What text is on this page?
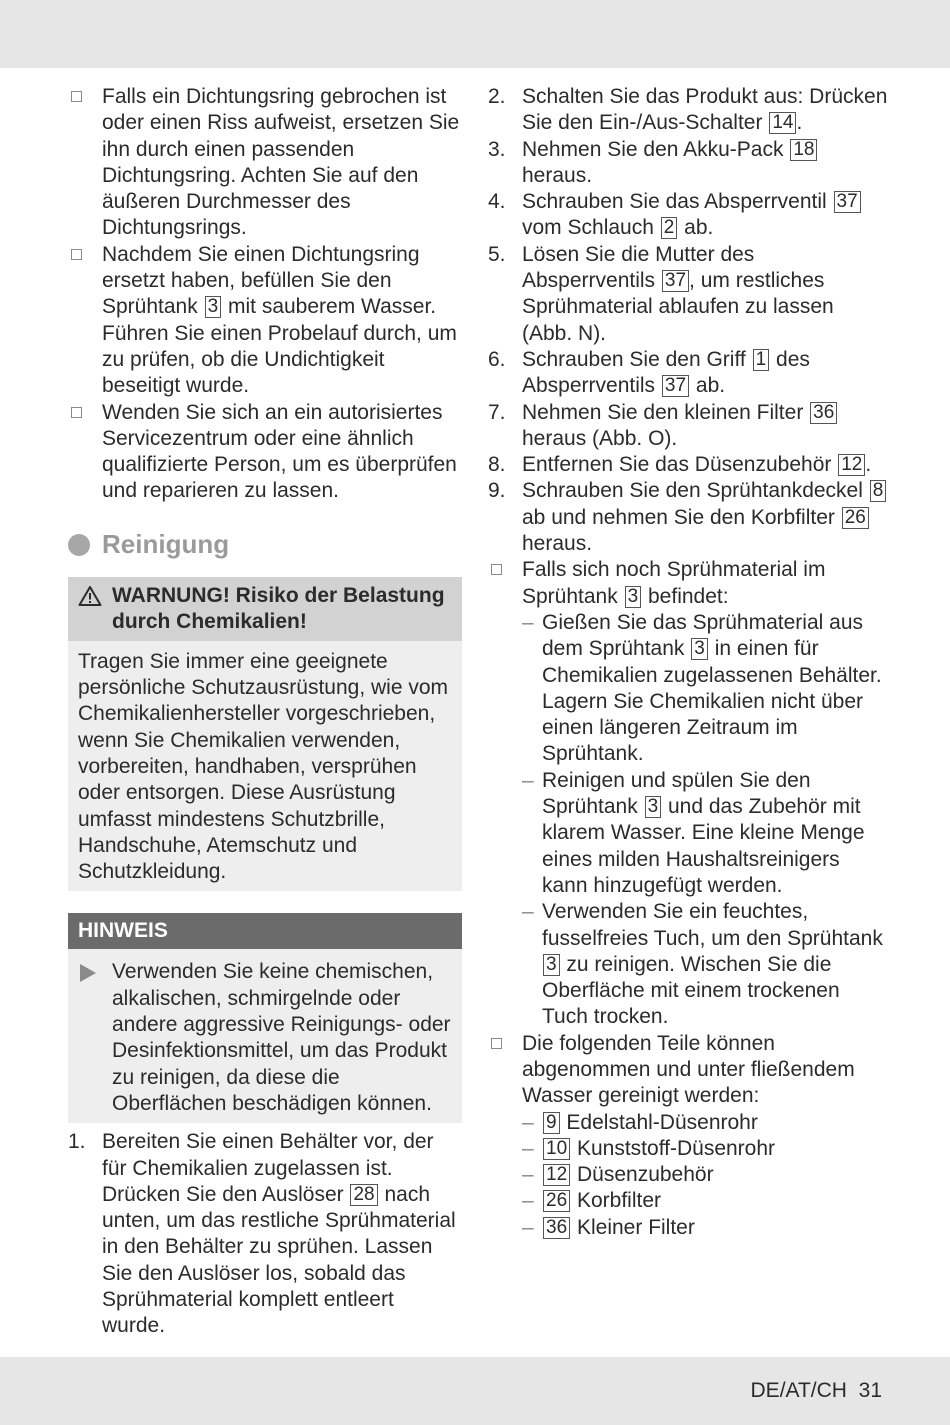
Falls ein Dichtungsring gebrochen ist oder einen Riss aufweist, ersetzen Sie ihn durch einen passenden Dichtungsring. Achten Sie auf den äußeren Durchmesser des Dichtungsrings.
Nachdem Sie einen Dichtungsring ersetzt haben, befüllen Sie den Sprühtank 3 mit sauberem Wasser. Führen Sie einen Probelauf durch, um zu prüfen, ob die Undichtigkeit beseitigt wurde.
Wenden Sie sich an ein autorisiertes Servicezentrum oder eine ähnlich qualifizierte Person, um es überprüfen und reparieren zu lassen.
Reinigung
WARNUNG! Risiko der Belastung durch Chemikalien!
Tragen Sie immer eine geeignete persönliche Schutzausrüstung, wie vom Chemikalienhersteller vorgeschrieben, wenn Sie Chemikalien verwenden, vorbereiten, handhaben, versprühen oder entsorgen. Diese Ausrüstung umfasst mindestens Schutzbrille, Handschuhe, Atemschutz und Schutzkleidung.
HINWEIS
Verwenden Sie keine chemischen, alkalischen, schmirgelnde oder andere aggressive Reinigungs- oder Desinfektionsmittel, um das Produkt zu reinigen, da diese die Oberflächen beschädigen können.
1. Bereiten Sie einen Behälter vor, der für Chemikalien zugelassen ist. Drücken Sie den Auslöser 28 nach unten, um das restliche Sprühmaterial in den Behälter zu sprühen. Lassen Sie den Auslöser los, sobald das Sprühmaterial komplett entleert wurde.
2. Schalten Sie das Produkt aus: Drücken Sie den Ein-/Aus-Schalter 14 .
3. Nehmen Sie den Akku-Pack 18 heraus.
4. Schrauben Sie das Absperrventil 37 vom Schlauch 2 ab.
5. Lösen Sie die Mutter des Absperrventils 37 , um restliches Sprühmaterial ablaufen zu lassen (Abb. N).
6. Schrauben Sie den Griff 1 des Absperrventils 37 ab.
7. Nehmen Sie den kleinen Filter 36 heraus (Abb. O).
8. Entfernen Sie das Düsenzubehör 12 .
9. Schrauben Sie den Sprühtankdeckel 8 ab und nehmen Sie den Korbfilter 26 heraus.
Falls sich noch Sprühmaterial im Sprühtank 3 befindet:
– Gießen Sie das Sprühmaterial aus dem Sprühtank 3 in einen für Chemikalien zugelassenen Behälter. Lagern Sie Chemikalien nicht über einen längeren Zeitraum im Sprühtank.
– Reinigen und spülen Sie den Sprühtank 3 und das Zubehör mit klarem Wasser. Eine kleine Menge eines milden Haushaltsreinigers kann hinzugefügt werden.
– Verwenden Sie ein feuchtes, fusselfreies Tuch, um den Sprühtank 3 zu reinigen. Wischen Sie die Oberfläche mit einem trockenen Tuch trocken.
Die folgenden Teile können abgenommen und unter fließendem Wasser gereinigt werden:
– 9 Edelstahl-Düsenrohr
– 10 Kunststoff-Düsenrohr
– 12 Düsenzubehör
– 26 Korbfilter
– 36 Kleiner Filter
DE/AT/CH 31
